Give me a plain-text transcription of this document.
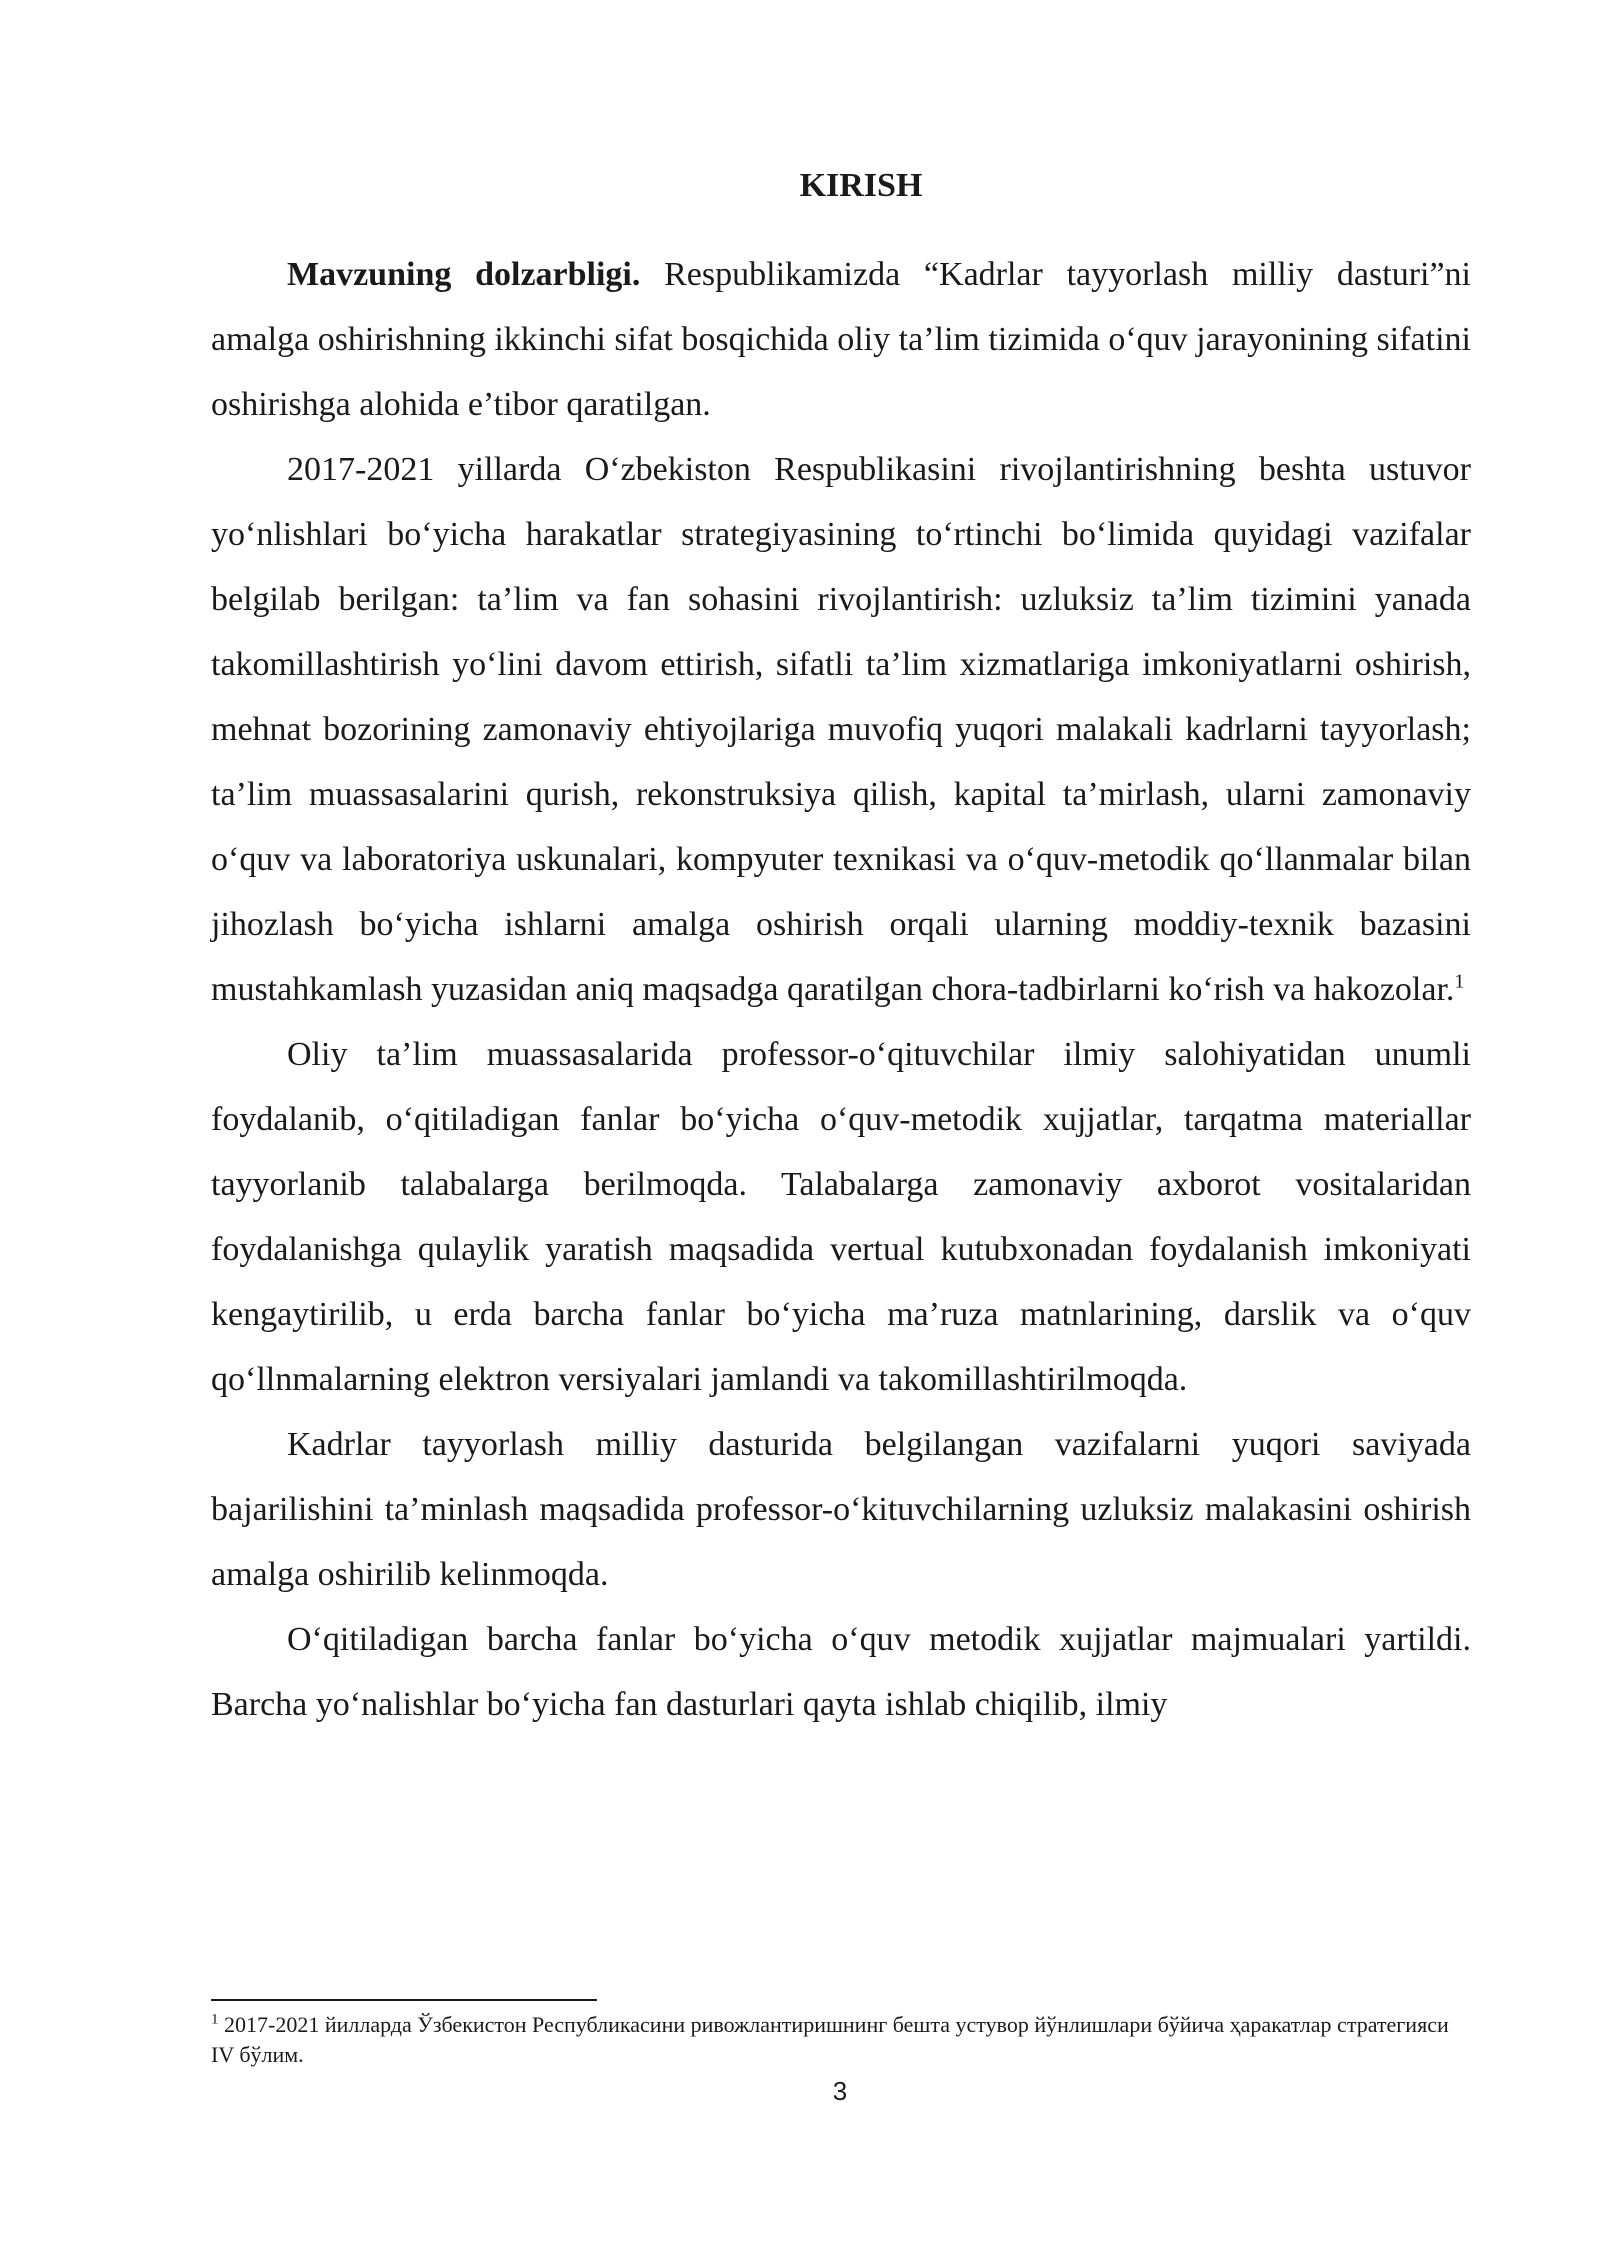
KIRISH

Mavzuning dolzarbligi. Respublikamizda “Kadrlar tayyorlash milliy dasturi”ni amalga oshirishning ikkinchi sifat bosqichida oliy ta’lim tizimida o‘quv jarayonining sifatini oshirishga alohida e’tibor qaratilgan.

2017-2021 yillarda O‘zbekiston Respublikasini rivojlantirishning beshta ustuvor yo‘nlishlari bo‘yicha harakatlar strategiyasining to‘rtinchi bo‘limida quyidagi vazifalar belgilab berilgan: ta’lim va fan sohasini rivojlantirish: uzluksiz ta’lim tizimini yanada takomillashtirish yo‘lini davom ettirish, sifatli ta’lim xizmatlariga imkoniyatlarni oshirish, mehnat bozorining zamonaviy ehtiyojlariga muvofiq yuqori malakali kadrlarni tayyorlash; ta’lim muassasalarini qurish, rekonstruksiya qilish, kapital ta’mirlash, ularni zamonaviy o‘quv va laboratoriya uskunalari, kompyuter texnikasi va o‘quv-metodik qo‘llanmalar bilan jihozlash bo‘yicha ishlarni amalga oshirish orqali ularning moddiy-texnik bazasini mustahkamlash yuzasidan aniq maqsadga qaratilgan chora-tadbirlarni ko‘rish va hakozolar.$^1$

Oliy ta’lim muassasalarida professor-o‘qituvchilar ilmiy salohiyatidan unumli foydalanib, o‘qitiladigan fanlar bo‘yicha o‘quv-metodik xujjatlar, tarqatma materiallar tayyorlanib talabalarga berilmoqda. Talabalarga zamonaviy axborot vositalaridan foydalanishga qulaylik yaratish maqsadida vertual kutubxonadan foydalanish imkoniyati kengaytirilib, u erda barcha fanlar bo‘yicha ma’ruza matnlarining, darslik va o‘quv qo‘llnmalarning elektron versiyalari jamlandi va takomillashtirilmoqda.

Kadrlar tayyorlash milliy dasturida belgilangan vazifalarni yuqori saviyada bajarilishini ta’minlash maqsadida professor-o‘kituvchilarning uzluksiz malakasini oshirish amalga oshirilib kelinmoqda.

O‘qitiladigan barcha fanlar bo‘yicha o‘quv metodik xujjatlar majmualari yartildi. Barcha yo‘nalishlar bo‘yicha fan dasturlari qayta ishlab chiqilib, ilmiy

$^1$ 2017-2021 йилларда Ўзбекистон Республикасини ривожлантиришнинг бешта устувор йўнлишлари бўйича ҳаракатлар стратегияси IV бўлим.

3
